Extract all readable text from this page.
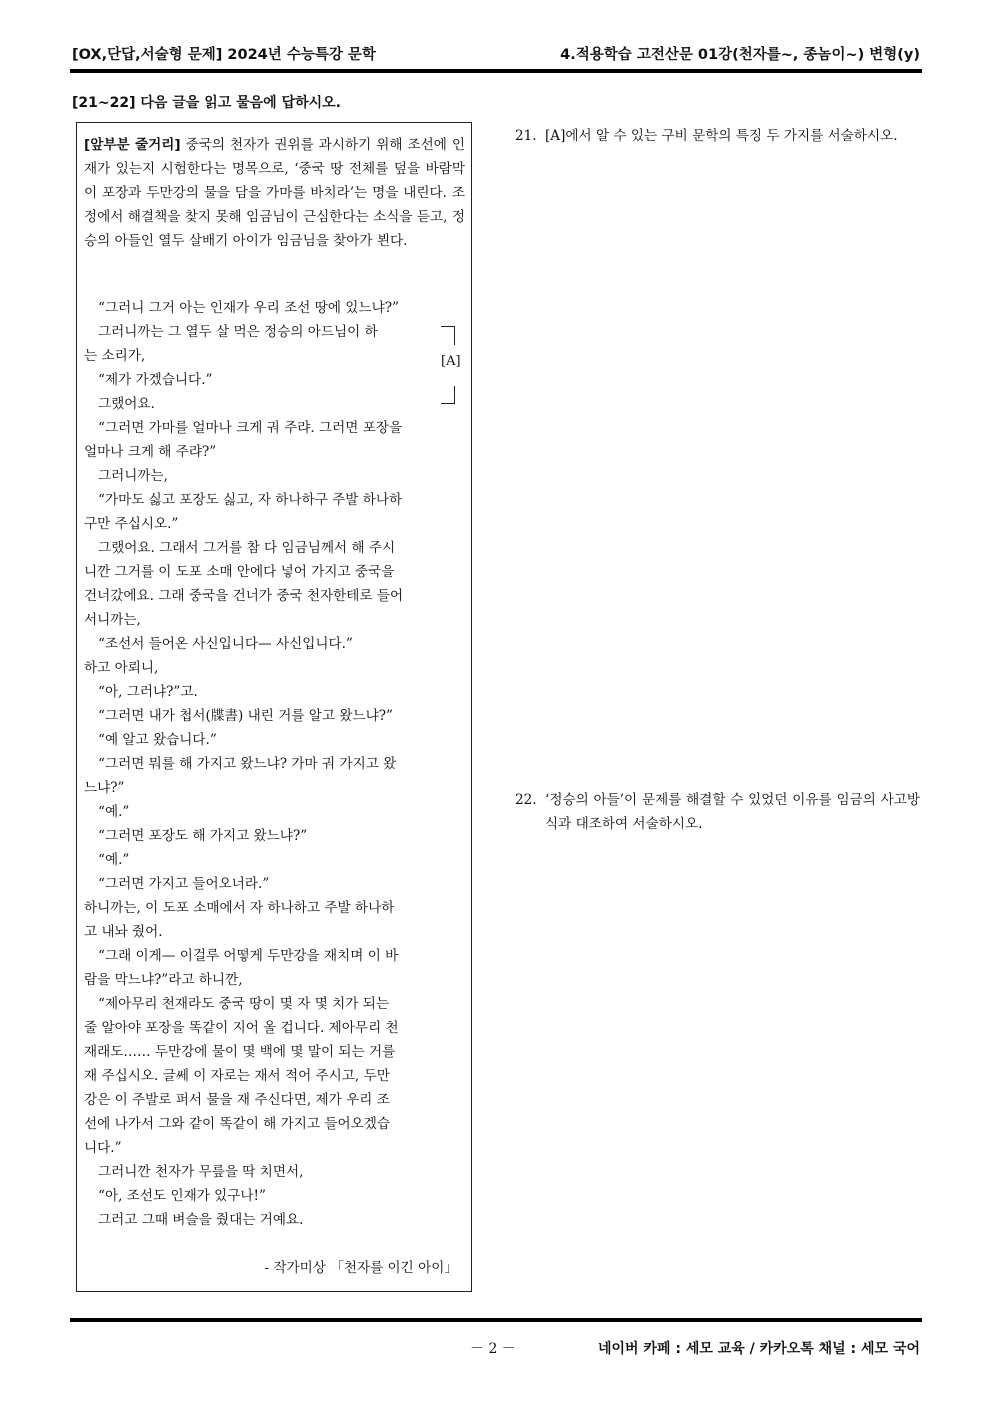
[OX,단답,서술형 문제] 2024년 수능특강 문학	4.적용학습 고전산문 01강(천자를~, 종놈이~) 변형(y)
[21~22] 다음 글을 읽고 물음에 답하시오.

[앞부분 줄거리] 중국의 천자가 권위를 과시하기 위해 조선에 인재가 있는지 시험한다는 명목으로, ‘중국 땅 전체를 덮을 바람막이 포장과 두만강의 물을 담을 가마를 바치라’는 명을 내린다. 조정에서 해결책을 찾지 못해 임금님이 근심한다는 소식을 듣고, 정승의 아들인 열두 살배기 아이가 임금님을 찾아가 뵌다.

“그러니 그거 아는 인재가 우리 조선 땅에 있느냐?”

그러니까는 그 열두 살 먹은 정승의 아드님이 하

는 소리가,

“제가 가겠습니다.”

그랬어요.

“그러면 가마를 얼마나 크게 궈 주랴. 그러면 포장을

얼마나 크게 해 주랴?”

그러니까는,

“가마도 싫고 포장도 싫고, 자 하나하구 주발 하나하

구만 주십시오.”

그랬어요. 그래서 그거를 참 다 임금님께서 해 주시

니깐 그거를 이 도포 소매 안에다 넣어 가지고 중국을

건너갔에요. 그래 중국을 건너가 중국 천자한테로 들어

서니까는,

“조선서 들어온 사신입니다— 사신입니다.”

하고 아뢰니,

“아, 그러냐?”고.

“그러면 내가 첩서(牒書) 내린 거를 알고 왔느냐?”

“예 알고 왔습니다.”

“그러면 뭐를 해 가지고 왔느냐? 가마 궈 가지고 왔

느냐?”

“예.”

“그러면 포장도 해 가지고 왔느냐?”

“예.”

“그러면 가지고 들어오너라.”

하니까는, 이 도포 소매에서 자 하나하고 주발 하나하

고 내놔 줬어.

“그래 이게— 이걸루 어떻게 두만강을 재치며 이 바

람을 막느냐?”라고 하니깐,

“제아무리 천재라도 중국 땅이 몇 자 몇 치가 되는

줄 알아야 포장을 똑같이 지어 올 겁니다. 제아무리 천

재래도…… 두만강에 물이 몇 백에 몇 말이 되는 거를

재 주십시오. 글쎄 이 자로는 재서 적어 주시고, 두만

강은 이 주발로 퍼서 물을 재 주신다면, 제가 우리 조

선에 나가서 그와 같이 똑같이 해 가지고 들어오겠습

니다.”

그러니깐 천자가 무릎을 딱 치면서,

“아, 조선도 인재가 있구나!”

그러고 그때 벼슬을 줬대는 거예요.

[A]
- 작가미상 「천자를 이긴 아이」
21. [A]에서 알 수 있는 구비 문학의 특징 두 가지를 서술하시오.
22. ‘정승의 아들’이 문제를 해결할 수 있었던 이유를 임금의 사고방식과 대조하여 서술하시오.
－ 2 －	네이버 카페 : 세모 교육 / 카카오톡 채널 : 세모 국어
